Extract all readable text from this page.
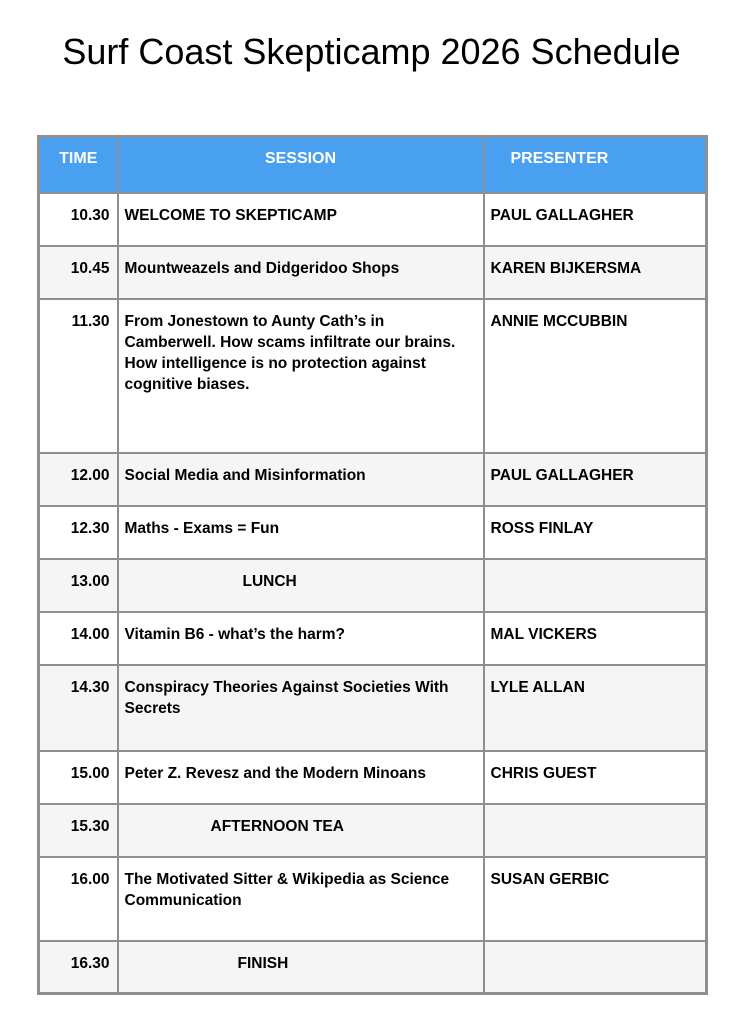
Surf Coast Skepticamp 2026 Schedule
TIME	SESSION	PRESENTER
10.30	WELCOME TO SKEPTICAMP	PAUL GALLAGHER
10.45	Mountweazels and Didgeridoo Shops	KAREN BIJKERSMA
11.30	From Jonestown to Aunty Cath’s in Camberwell. How scams infiltrate our brains. How intelligence is no protection against cognitive biases.	ANNIE MCCUBBIN
12.00	Social Media and Misinformation	PAUL GALLAGHER
12.30	Maths - Exams = Fun	ROSS FINLAY
13.00	LUNCH	
14.00	Vitamin B6 - what’s the harm?	MAL VICKERS
14.30	Conspiracy Theories Against Societies With Secrets	LYLE ALLAN
15.00	Peter Z. Revesz and the Modern Minoans	CHRIS GUEST
15.30	AFTERNOON TEA	
16.00	The Motivated Sitter & Wikipedia as Science Communication	SUSAN GERBIC
16.30	FINISH	
